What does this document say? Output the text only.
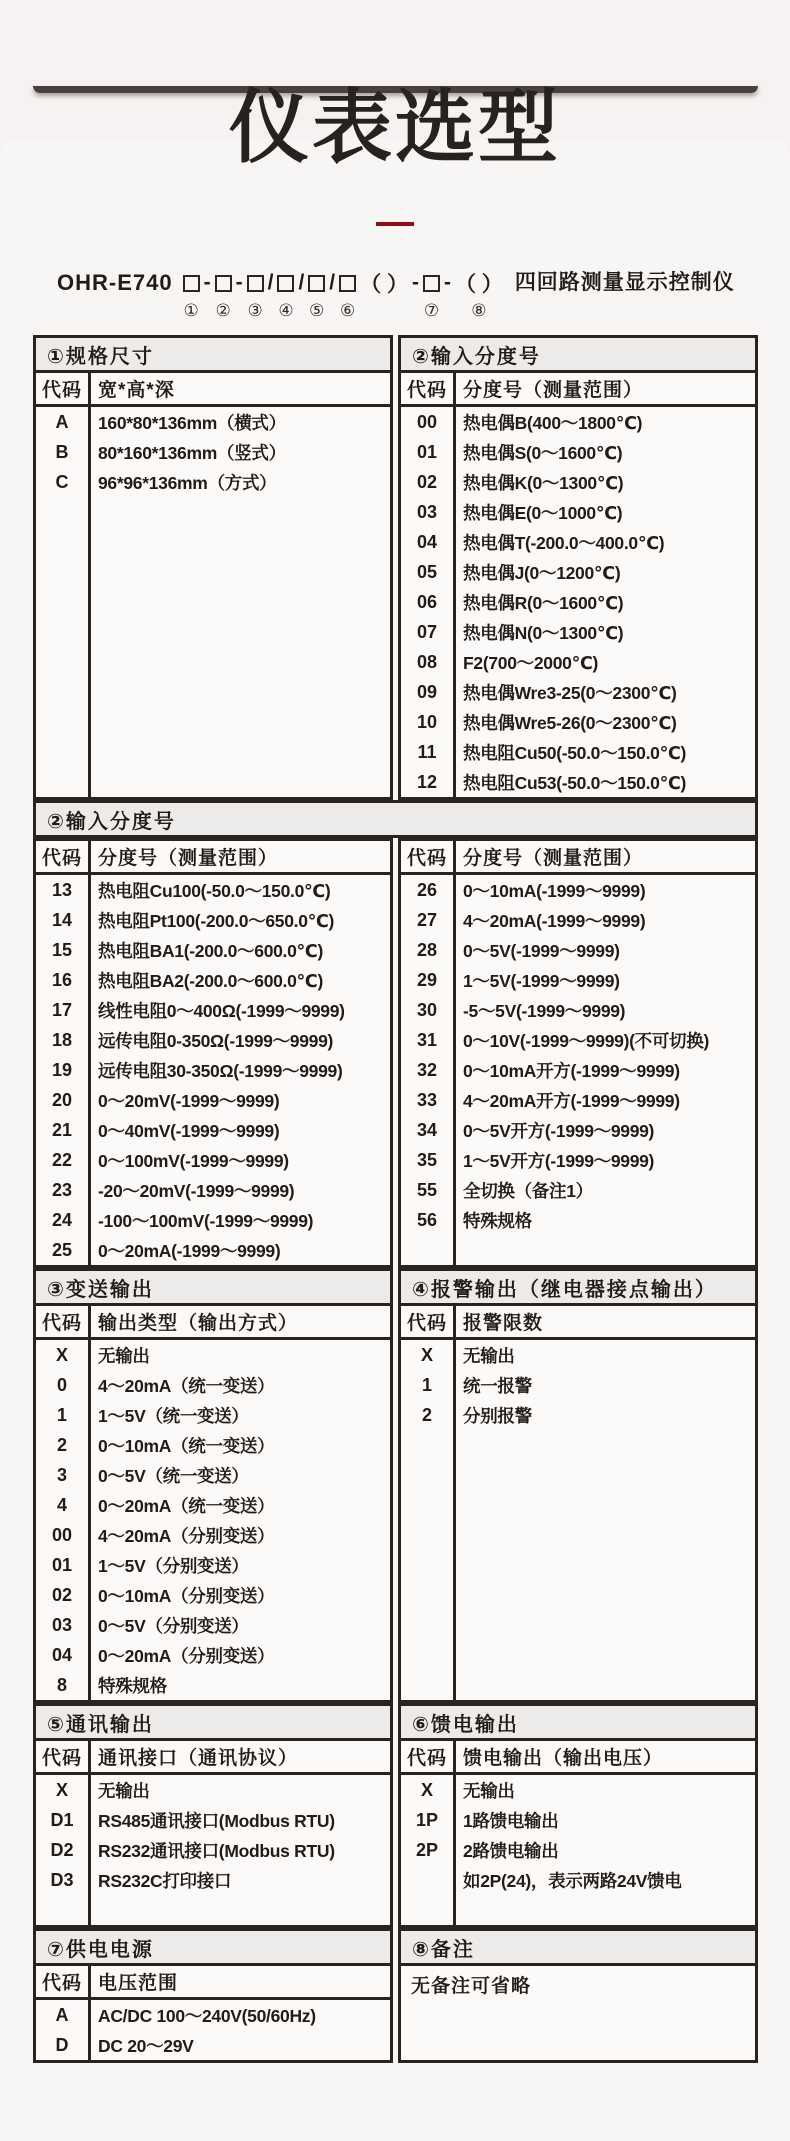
仪表选型
OHR-E740
①
-
②
-
③
/
④
/
⑤
/
⑥
（ ） -
⑦
- （ ）
⑧
四回路测量显示控制仪
①规格尺寸
代码 宽*高*深
A	160*80*136mm（横式）
B	80*160*136mm（竖式）
C	96*96*136mm（方式）
②输入分度号
代码 分度号（测量范围）
00	热电偶B(400～1800℃)
01	热电偶S(0～1600℃)
02	热电偶K(0～1300℃)
03	热电偶E(0～1000℃)
04	热电偶T(-200.0～400.0℃)
05	热电偶J(0～1200℃)
06	热电偶R(0～1600℃)
07	热电偶N(0～1300℃)
08	F2(700～2000℃)
09	热电偶Wre3-25(0～2300℃)
10	热电偶Wre5-26(0～2300℃)
11	热电阻Cu50(-50.0～150.0℃)
12	热电阻Cu53(-50.0～150.0℃)
②输入分度号
代码 分度号（测量范围）
13	热电阻Cu100(-50.0～150.0℃)
14	热电阻Pt100(-200.0～650.0℃)
15	热电阻BA1(-200.0～600.0℃)
16	热电阻BA2(-200.0～600.0℃)
17	线性电阻0～400Ω(-1999～9999)
18	远传电阻0-350Ω(-1999～9999)
19	远传电阻30-350Ω(-1999～9999)
20	0～20mV(-1999～9999)
21	0～40mV(-1999～9999)
22	0～100mV(-1999～9999)
23	-20～20mV(-1999～9999)
24	-100～100mV(-1999～9999)
25	0～20mA(-1999～9999)
代码 分度号（测量范围）
26	0～10mA(-1999～9999)
27	4～20mA(-1999～9999)
28	0～5V(-1999～9999)
29	1～5V(-1999～9999)
30	-5～5V(-1999～9999)
31	0～10V(-1999～9999)(不可切换)
32	0～10mA开方(-1999～9999)
33	4～20mA开方(-1999～9999)
34	0～5V开方(-1999～9999)
35	1～5V开方(-1999～9999)
55	全切换（备注1）
56	特殊规格
③变送输出
代码 输出类型（输出方式）
X	无输出
0	4～20mA（统一变送）
1	1～5V（统一变送）
2	0～10mA（统一变送）
3	0～5V（统一变送）
4	0～20mA（统一变送）
00	4～20mA（分别变送）
01	1～5V（分别变送）
02	0～10mA（分别变送）
03	0～5V（分别变送）
04	0～20mA（分别变送）
8	特殊规格
④报警输出（继电器接点输出）
代码 报警限数
X	无输出
1	统一报警
2	分别报警
⑤通讯输出
代码 通讯接口（通讯协议）
X	无输出
D1	RS485通讯接口(Modbus RTU)
D2	RS232通讯接口(Modbus RTU)
D3	RS232C打印接口
⑥馈电输出
代码 馈电输出（输出电压）
X	无输出
1P	1路馈电输出
2P	2路馈电输出
如2P(24)，表示两路24V馈电
⑦供电电源
代码 电压范围
A	AC/DC 100～240V(50/60Hz)
D	DC 20～29V
⑧备注
无备注可省略
